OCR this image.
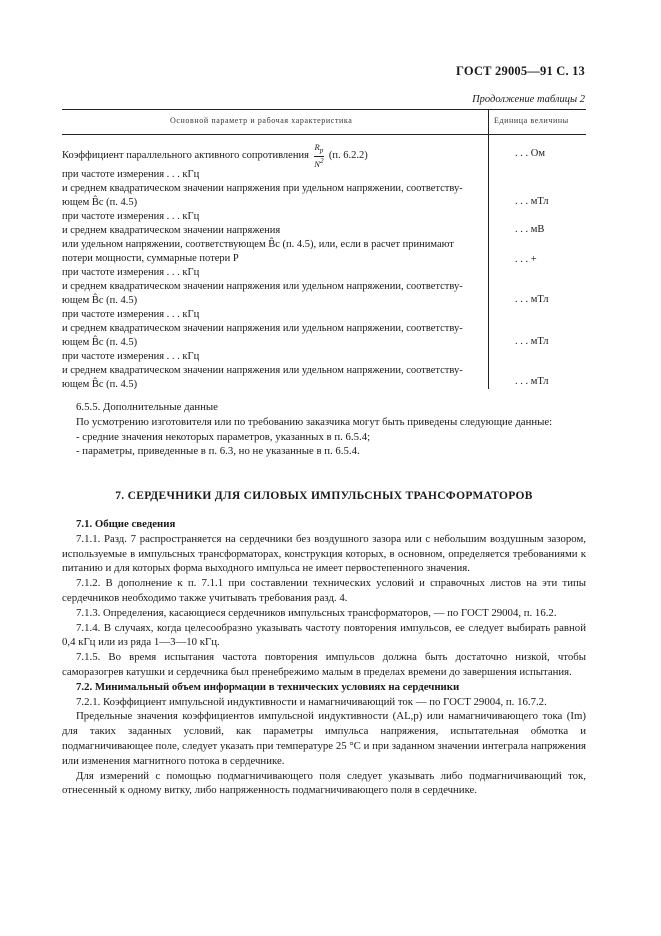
ГОСТ 29005—91 С. 13
Продолжение таблицы 2
Основной параметр и рабочая характеристика	Единица величины
Коэффициент параллельного активного сопротивления $\frac{R_p}{N^2} (п$. 6.2.2)	. . . Ом
при частоте измерения . . . кГц
и среднем квадратическом значении напряжения при удельном напряжении, соответству-
ющем B̂c (п. 4.5)	. . . мТл
при частоте измерения . . . кГц
и среднем квадратическом значении напряжения	. . . мВ
или удельном напряжении, соответствующем B̂c (п. 4.5), или, если в расчет принимают
потери мощности, суммарные потери P	. . . +
при частоте измерения . . . кГц
и среднем квадратическом значении напряжения или удельном напряжении, соответству-
ющем B̂c (п. 4.5)	. . . мТл
при частоте измерения . . . кГц
и среднем квадратическом значении напряжения или удельном напряжении, соответству-
ющем B̂c (п. 4.5)	. . . мТл
при частоте измерения . . . кГц
и среднем квадратическом значении напряжения или удельном напряжении, соответству-
ющем B̂c (п. 4.5)	. . . мТл

6.5.5. Дополнительные данные

По усмотрению изготовителя или по требованию заказчика могут быть приведены следующие данные:

- средние значения некоторых параметров, указанных в п. 6.5.4;

- параметры, приведенные в п. 6.3, но не указанные в п. 6.5.4.

7. СЕРДЕЧНИКИ ДЛЯ СИЛОВЫХ ИМПУЛЬСНЫХ ТРАНСФОРМАТОРОВ

7.1. Общие сведения

7.1.1. Разд. 7 распространяется на сердечники без воздушного зазора или с небольшим воздушным зазором, используемые в импульсных трансформаторах, конструкция которых, в основном, определяется требованиями к питанию и для которых форма выходного импульса не имеет первостепенного значения.

7.1.2. В дополнение к п. 7.1.1 при составлении технических условий и справочных листов на эти типы сердечников необходимо также учитывать требования разд. 4.

7.1.3. Определения, касающиеся сердечников импульсных трансформаторов, — по ГОСТ 29004, п. 16.2.

7.1.4. В случаях, когда целесообразно указывать частоту повторения импульсов, ее следует выбирать равной 0,4 кГц или из ряда 1—3—10 кГц.

7.1.5. Во время испытания частота повторения импульсов должна быть достаточно низкой, чтобы саморазогрев катушки и сердечника был пренебрежимо малым в пределах времени до завершения испытания.

7.2. Минимальный объем информации в технических условиях на сердечники

7.2.1. Коэффициент импульсной индуктивности и намагничивающий ток — по ГОСТ 29004, п. 16.7.2.

Предельные значения коэффициентов импульсной индуктивности (AL,p) или намагничивающего тока (Im) для таких заданных условий, как параметры импульса напряжения, испытательная обмотка и подмагничивающее поле, следует указать при температуре 25 °С и при заданном значении интеграла напряжения или изменения магнитного потока в сердечнике.

Для измерений с помощью подмагничивающего поля следует указывать либо подмагничивающий ток, отнесенный к одному витку, либо напряженность подмагничивающего поля в сердечнике.
